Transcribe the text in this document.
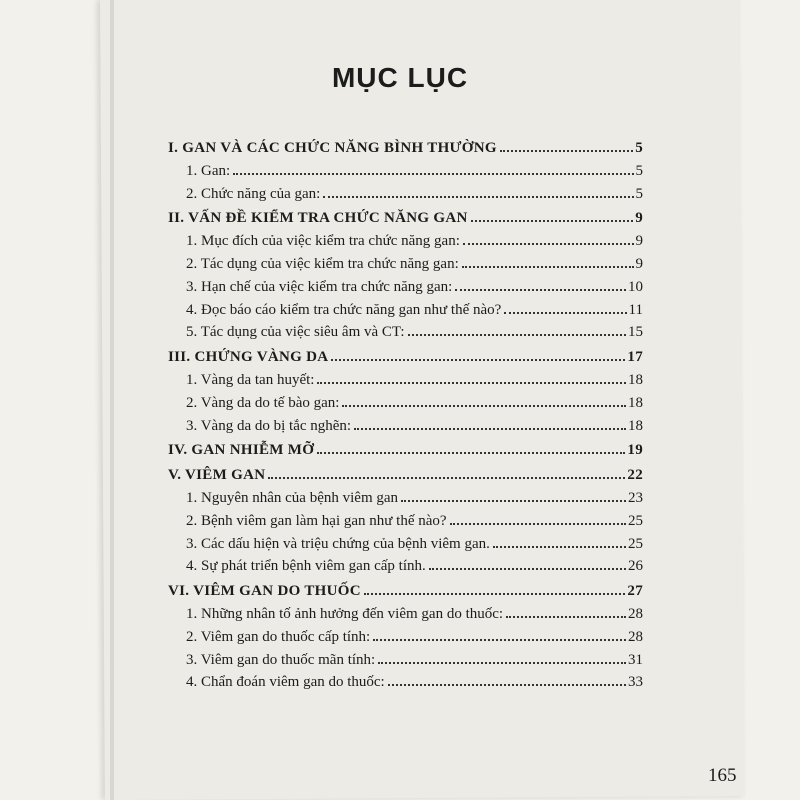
MỤC LỤC
I. GAN VÀ CÁC CHỨC NĂNG BÌNH THƯỜNG	5
1. Gan:	5
2. Chức năng của gan:	5
II. VẤN ĐỀ KIỂM TRA CHỨC NĂNG GAN	9
1. Mục đích của việc kiểm tra chức năng gan:	9
2. Tác dụng của việc kiểm tra chức năng gan:	9
3. Hạn chế của việc kiểm tra chức năng gan:	10
4. Đọc báo cáo kiểm tra chức năng gan như thế nào?	11
5. Tác dụng của việc siêu âm và CT:	15
III. CHỨNG VÀNG DA	17
1. Vàng da tan huyết:	18
2. Vàng da do tế bào gan:	18
3. Vàng da do bị tắc nghẽn:	18
IV. GAN NHIỄM MỠ	19
V. VIÊM GAN	22
1. Nguyên nhân của bệnh viêm gan	23
2. Bệnh viêm gan làm hại gan như thế nào?	25
3. Các dấu hiện và triệu chứng của bệnh viêm gan.	25
4. Sự phát triển bệnh viêm gan cấp tính.	26
VI. VIÊM GAN DO THUỐC	27
1. Những nhân tố ảnh hưởng đến viêm gan do thuốc:	28
2. Viêm gan do thuốc cấp tính:	28
3. Viêm gan do thuốc mãn tính:	31
4. Chẩn đoán viêm gan do thuốc:	33
165
